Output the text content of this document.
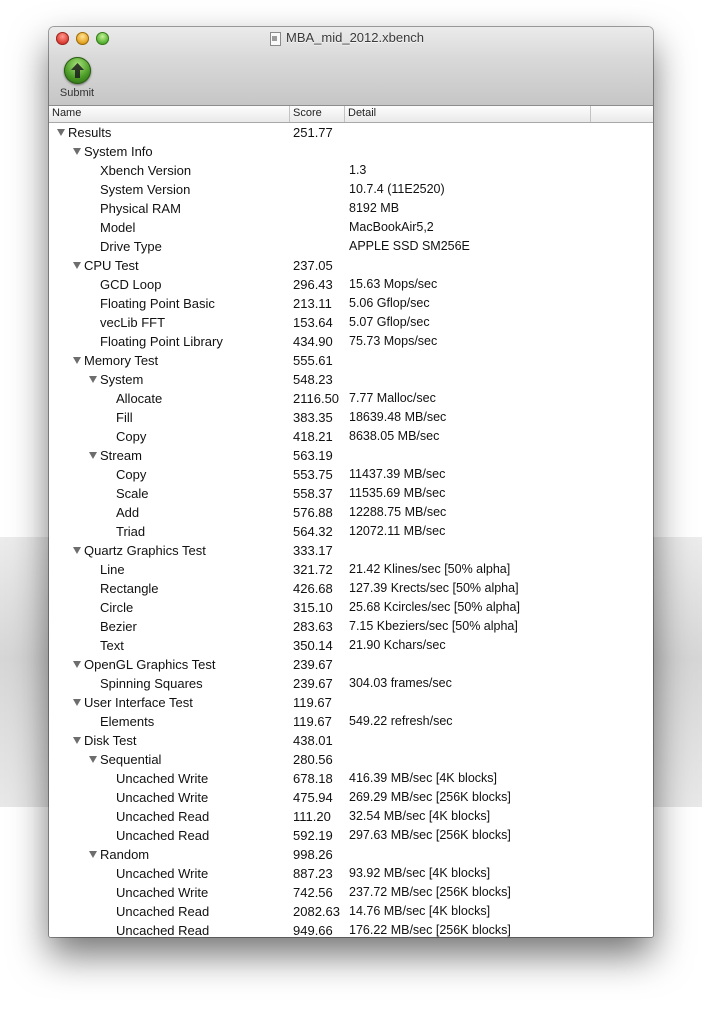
MBA_mid_2012.xbench
Submit
Name	Score	Detail
Results	251.77
System Info
Xbench Version	1.3
System Version	10.7.4 (11E2520)
Physical RAM	8192 MB
Model	MacBookAir5,2
Drive Type	APPLE SSD SM256E
CPU Test	237.05
GCD Loop	296.43	15.63 Mops/sec
Floating Point Basic	213.11	5.06 Gflop/sec
vecLib FFT	153.64	5.07 Gflop/sec
Floating Point Library	434.90	75.73 Mops/sec
Memory Test	555.61
System	548.23
Allocate	2116.50 7.77 Malloc/sec
Fill	383.35	18639.48 MB/sec
Copy	418.21	8638.05 MB/sec
Stream	563.19
Copy	553.75	11437.39 MB/sec
Scale	558.37	11535.69 MB/sec
Add	576.88	12288.75 MB/sec
Triad	564.32	12072.11 MB/sec
Quartz Graphics Test	333.17
Line	321.72	21.42 Klines/sec [50% alpha]
Rectangle	426.68	127.39 Krects/sec [50% alpha]
Circle	315.10	25.68 Kcircles/sec [50% alpha]
Bezier	283.63	7.15 Kbeziers/sec [50% alpha]
Text	350.14	21.90 Kchars/sec
OpenGL Graphics Test	239.67
Spinning Squares	239.67	304.03 frames/sec
User Interface Test	119.67
Elements	119.67	549.22 refresh/sec
Disk Test	438.01
Sequential	280.56
Uncached Write	678.18	416.39 MB/sec [4K blocks]
Uncached Write	475.94	269.29 MB/sec [256K blocks]
Uncached Read	111.20	32.54 MB/sec [4K blocks]
Uncached Read	592.19	297.63 MB/sec [256K blocks]
Random	998.26
Uncached Write	887.23	93.92 MB/sec [4K blocks]
Uncached Write	742.56	237.72 MB/sec [256K blocks]
Uncached Read	2082.63 14.76 MB/sec [4K blocks]
Uncached Read	949.66	176.22 MB/sec [256K blocks]
